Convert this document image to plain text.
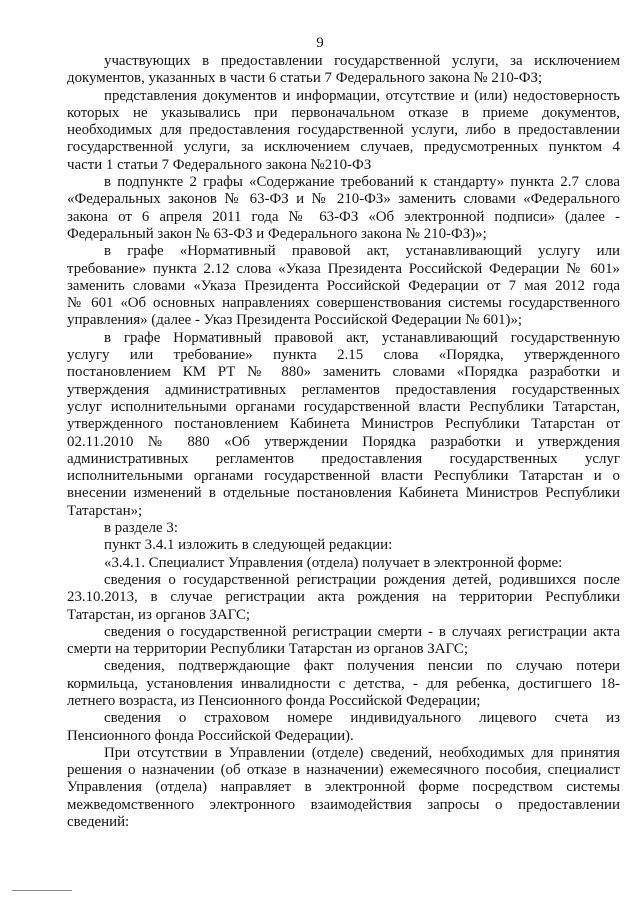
9
участвующих в предоставлении государственной услуги, за исключением
документов, указанных в части 6 статьи 7 Федерального закона № 210-ФЗ;
представления документов и информации, отсутствие и (или) недостоверность
которых не указывались при первоначальном отказе в приеме документов,
необходимых для предоставления государственной услуги, либо в предоставлении
государственной услуги, за исключением случаев, предусмотренных пунктом 4
части 1 статьи 7 Федерального закона №210-ФЗ
в подпункте 2 графы «Содержание требований к стандарту» пункта 2.7 слова
«Федеральных законов № 63-ФЗ и № 210-ФЗ» заменить словами «Федерального
закона от 6 апреля 2011 года № 63-ФЗ «Об электронной подписи» (далее -
Федеральный закон № 63-ФЗ и Федерального закона № 210-ФЗ)»;
в графе «Нормативный правовой акт, устанавливающий услугу или
требование» пункта 2.12 слова «Указа Президента Российской Федерации № 601»
заменить словами «Указа Президента Российской Федерации от 7 мая 2012 года
№ 601 «Об основных направлениях совершенствования системы государственного
управления» (далее - Указ Президента Российской Федерации № 601)»;
в графе Нормативный правовой акт, устанавливающий государственную
услугу или требование» пункта 2.15 слова «Порядка, утвержденного
постановлением КМ РТ № 880» заменить словами «Порядка разработки и
утверждения административных регламентов предоставления государственных
услуг исполнительными органами государственной власти Республики Татарстан,
утвержденного постановлением Кабинета Министров Республики Татарстан от
02.11.2010 № 880 «Об утверждении Порядка разработки и утверждения
административных регламентов предоставления государственных услуг
исполнительными органами государственной власти Республики Татарстан и о
внесении изменений в отдельные постановления Кабинета Министров Республики
Татарстан»;
в разделе 3:
пункт 3.4.1 изложить в следующей редакции:
«3.4.1. Специалист Управления (отдела) получает в электронной форме:
сведения о государственной регистрации рождения детей, родившихся после
23.10.2013, в случае регистрации акта рождения на территории Республики
Татарстан, из органов ЗАГС;
сведения о государственной регистрации смерти - в случаях регистрации акта
смерти на территории Республики Татарстан из органов ЗАГС;
сведения, подтверждающие факт получения пенсии по случаю потери
кормильца, установления инвалидности с детства, - для ребенка, достигшего 18-
летнего возраста, из Пенсионного фонда Российской Федерации;
сведения о страховом номере индивидуального лицевого счета из
Пенсионного фонда Российской Федерации).
При отсутствии в Управлении (отделе) сведений, необходимых для принятия
решения о назначении (об отказе в назначении) ежемесячного пособия, специалист
Управления (отдела) направляет в электронной форме посредством системы
межведомственного электронного взаимодействия запросы о предоставлении
сведений:
